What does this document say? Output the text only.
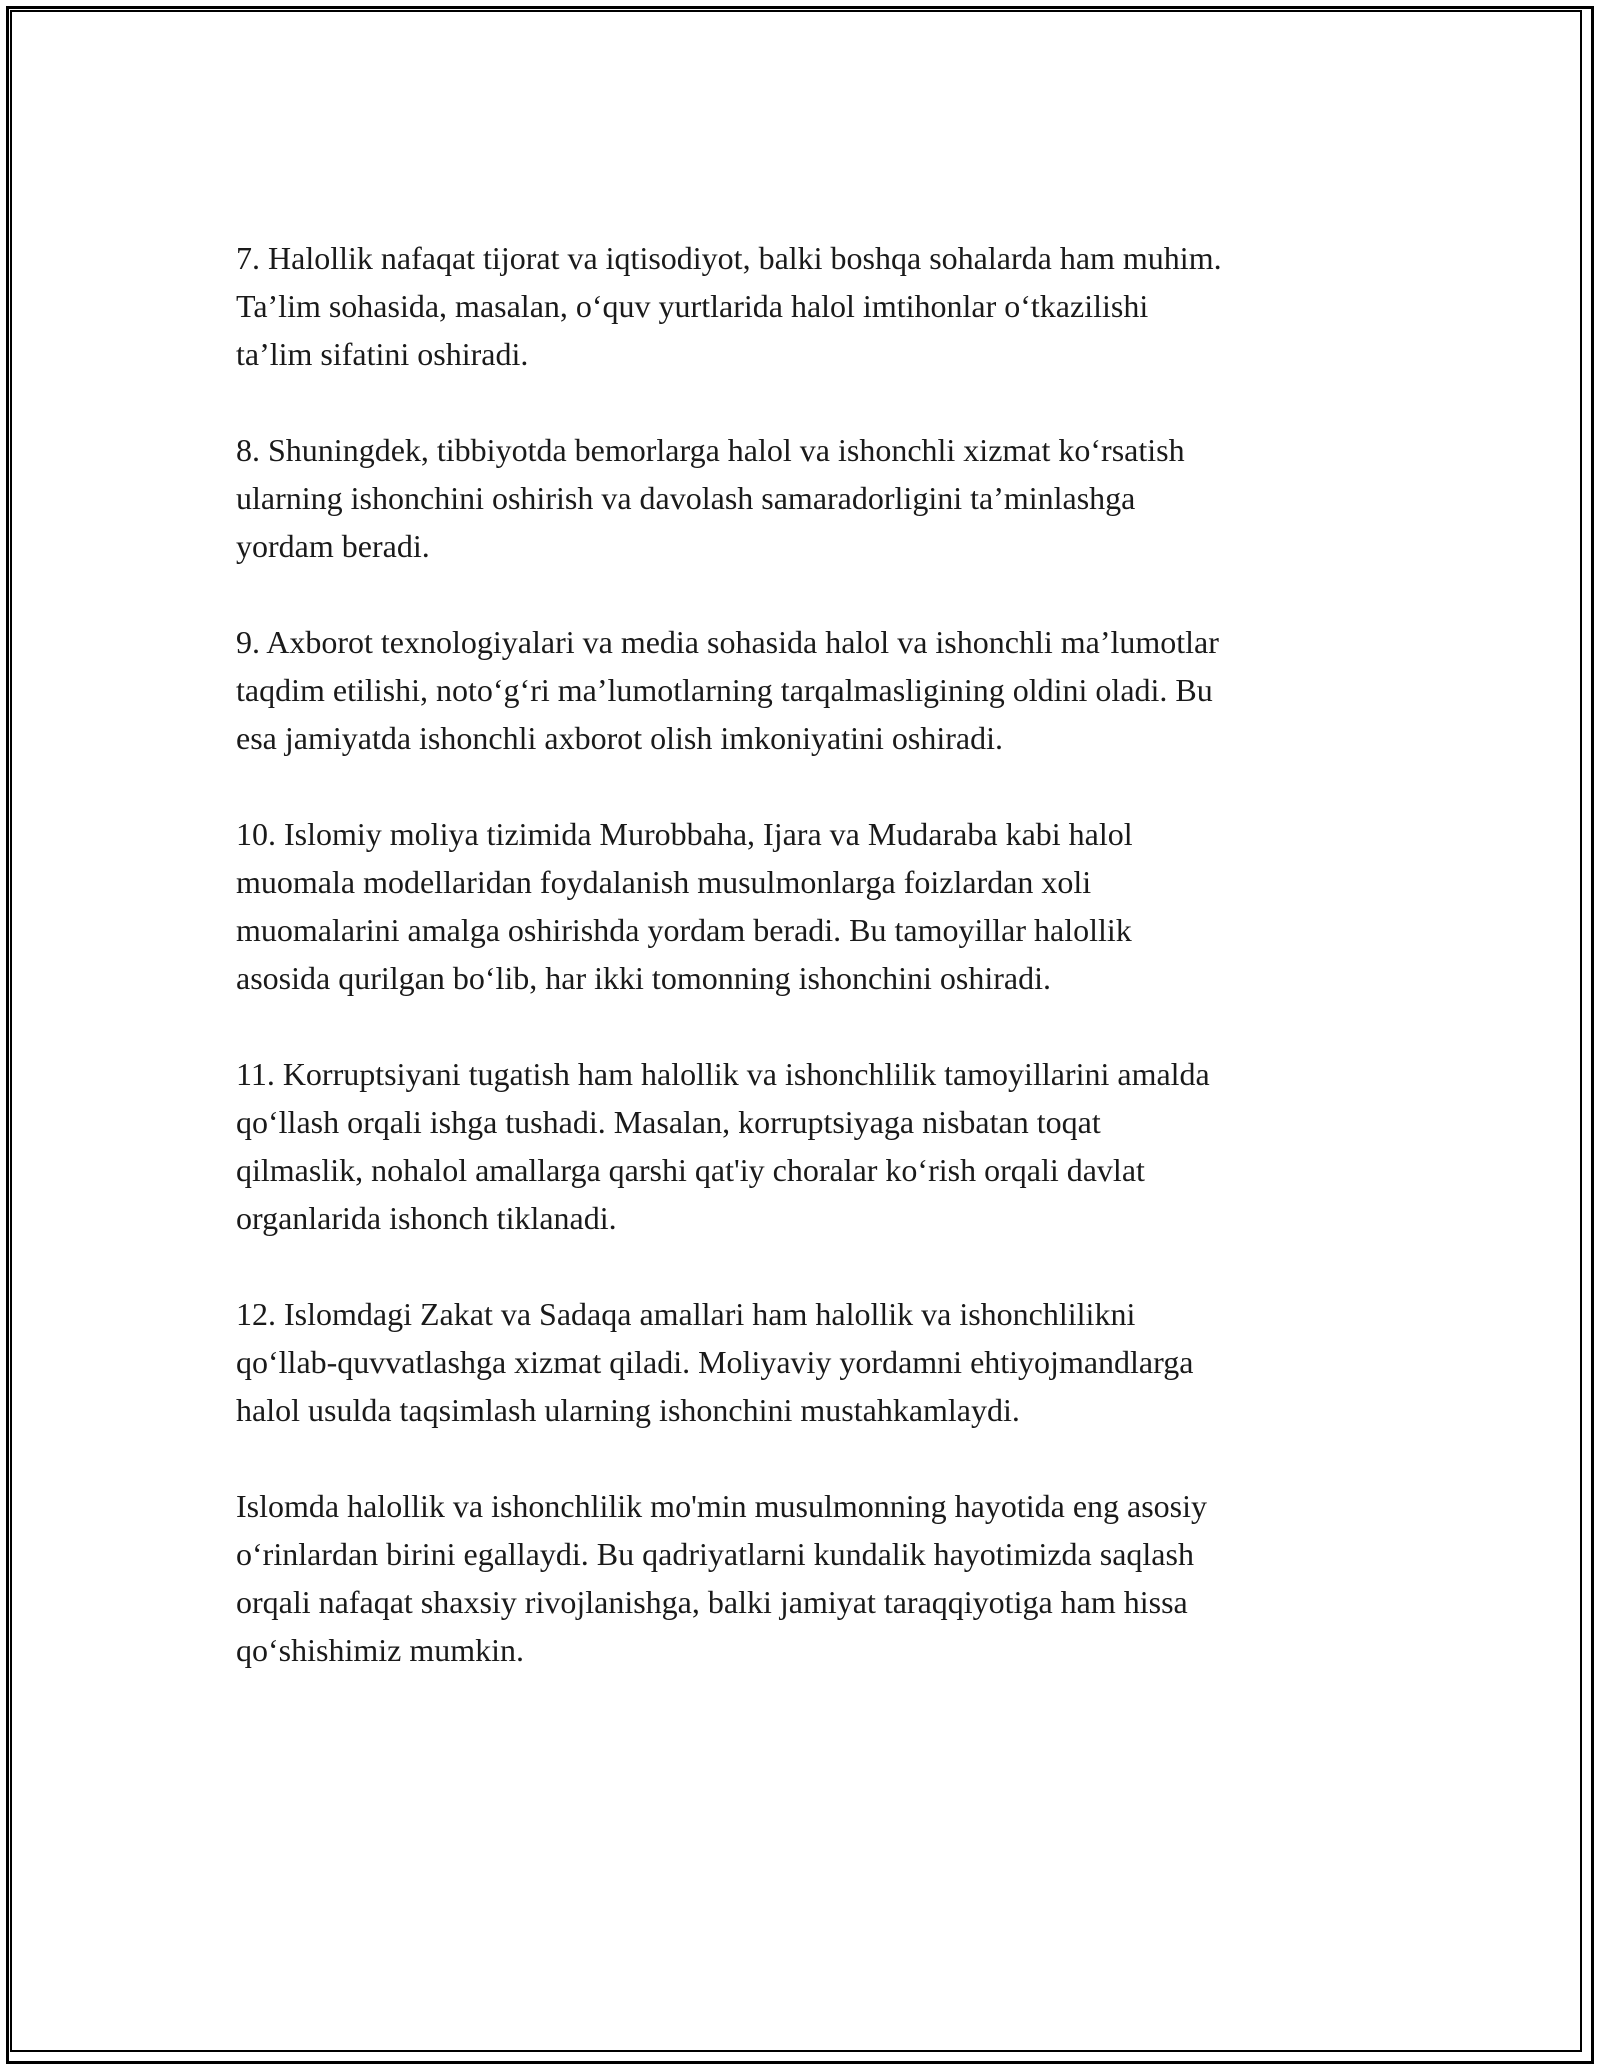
7. Halollik nafaqat tijorat va iqtisodiyot, balki boshqa sohalarda ham muhim.
Ta’lim sohasida, masalan, o‘quv yurtlarida halol imtihonlar o‘tkazilishi
ta’lim sifatini oshiradi.

8. Shuningdek, tibbiyotda bemorlarga halol va ishonchli xizmat ko‘rsatish
ularning ishonchini oshirish va davolash samaradorligini ta’minlashga
yordam beradi.

9. Axborot texnologiyalari va media sohasida halol va ishonchli ma’lumotlar
taqdim etilishi, noto‘g‘ri ma’lumotlarning tarqalmasligining oldini oladi. Bu
esa jamiyatda ishonchli axborot olish imkoniyatini oshiradi.

10. Islomiy moliya tizimida Murobbaha, Ijara va Mudaraba kabi halol
muomala modellaridan foydalanish musulmonlarga foizlardan xoli
muomalarini amalga oshirishda yordam beradi. Bu tamoyillar halollik
asosida qurilgan bo‘lib, har ikki tomonning ishonchini oshiradi.

11. Korruptsiyani tugatish ham halollik va ishonchlilik tamoyillarini amalda
qo‘llash orqali ishga tushadi. Masalan, korruptsiyaga nisbatan toqat
qilmaslik, nohalol amallarga qarshi qat'iy choralar ko‘rish orqali davlat
organlarida ishonch tiklanadi.

12. Islomdagi Zakat va Sadaqa amallari ham halollik va ishonchlilikni
qo‘llab-quvvatlashga xizmat qiladi. Moliyaviy yordamni ehtiyojmandlarga
halol usulda taqsimlash ularning ishonchini mustahkamlaydi.

Islomda halollik va ishonchlilik mo'min musulmonning hayotida eng asosiy
o‘rinlardan birini egallaydi. Bu qadriyatlarni kundalik hayotimizda saqlash
orqali nafaqat shaxsiy rivojlanishga, balki jamiyat taraqqiyotiga ham hissa
qo‘shishimiz mumkin.
